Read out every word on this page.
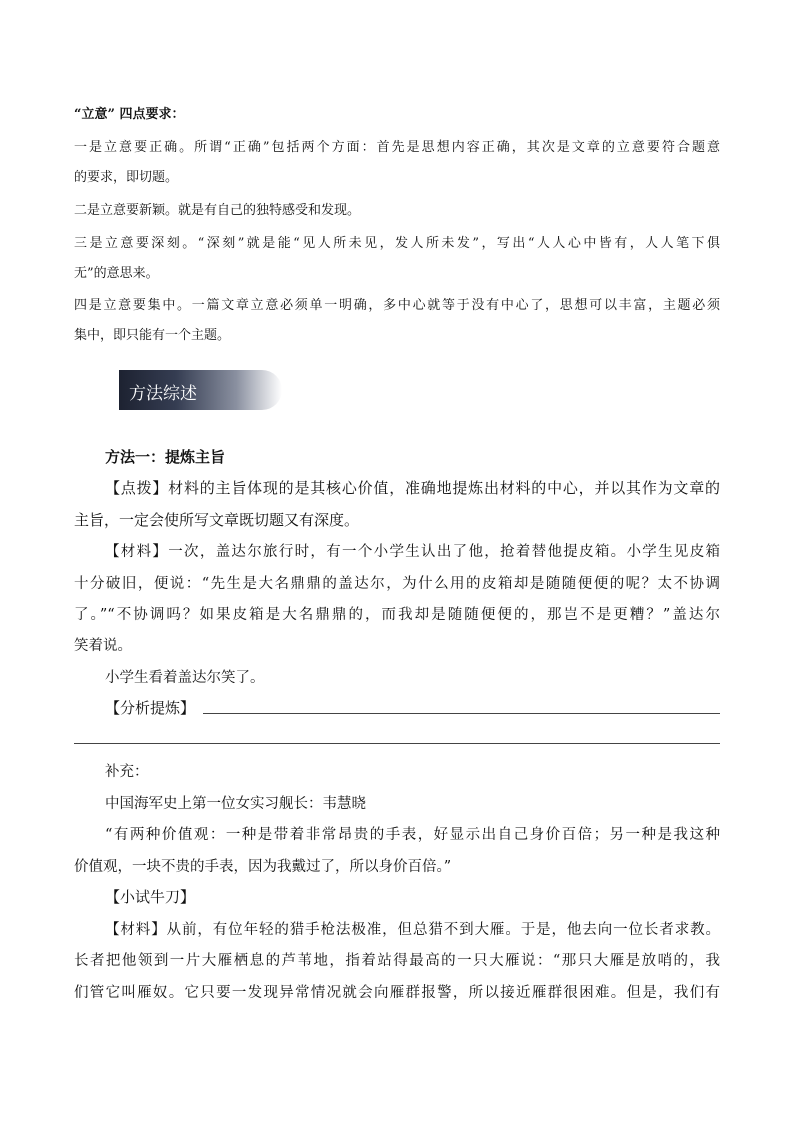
“立意” 四点要求：
一是立意要正确。所谓“正确”包括两个方面：首先是思想内容正确，其次是文章的立意要符合题意
的要求，即切题。
二是立意要新颖。就是有自己的独特感受和发现。
三是立意要深刻。“深刻”就是能“见人所未见，发人所未发”，写出“人人心中皆有，人人笔下俱
无”的意思来。
四是立意要集中。一篇文章立意必须单一明确，多中心就等于没有中心了，思想可以丰富，主题必须
集中，即只能有一个主题。
方法综述
方法一：提炼主旨
【点拨】材料的主旨体现的是其核心价值，准确地提炼出材料的中心，并以其作为文章的
主旨，一定会使所写文章既切题又有深度。
【材料】一次，盖达尔旅行时，有一个小学生认出了他，抢着替他提皮箱。小学生见皮箱
十分破旧，便说：“先生是大名鼎鼎的盖达尔，为什么用的皮箱却是随随便便的呢？太不协调
了。”“不协调吗？如果皮箱是大名鼎鼎的，而我却是随随便便的，那岂不是更糟？”盖达尔
笑着说。
小学生看着盖达尔笑了。
【分析提炼】
补充：
中国海军史上第一位女实习舰长：韦慧晓
“有两种价值观：一种是带着非常昂贵的手表，好显示出自己身价百倍；另一种是我这种
价值观，一块不贵的手表，因为我戴过了，所以身价百倍。”
【小试牛刀】
【材料】从前，有位年轻的猎手枪法极准，但总猎不到大雁。于是，他去向一位长者求教。
长者把他领到一片大雁栖息的芦苇地，指着站得最高的一只大雁说：“那只大雁是放哨的，我
们管它叫雁奴。它只要一发现异常情况就会向雁群报警，所以接近雁群很困难。但是，我们有
